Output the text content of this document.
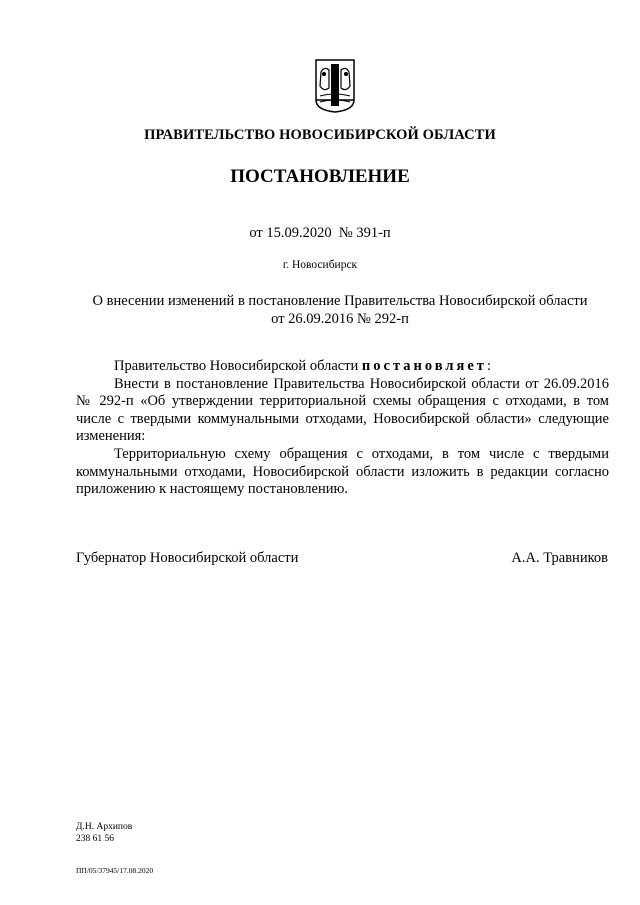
ПРАВИТЕЛЬСТВО НОВОСИБИРСКОЙ ОБЛАСТИ
ПОСТАНОВЛЕНИЕ
от 15.09.2020 № 391-п
г. Новосибирск
О внесении изменений в постановление Правительства Новосибирской области
от 26.09.2016 № 292-п

Правительство Новосибирской области постановляет:

Внести в постановление Правительства Новосибирской области от 26.09.2016 № 292-п «Об утверждении территориальной схемы обращения с отходами, в том числе с твердыми коммунальными отходами, Новосибирской области» следующие изменения:

Территориальную схему обращения с отходами, в том числе с твердыми коммунальными отходами, Новосибирской области изложить в редакции согласно приложению к настоящему постановлению.

Губернатор Новосибирской области	А.А. Травников
Д.Н. Архипов
238 61 56
ПП/05/37945/17.08.2020
